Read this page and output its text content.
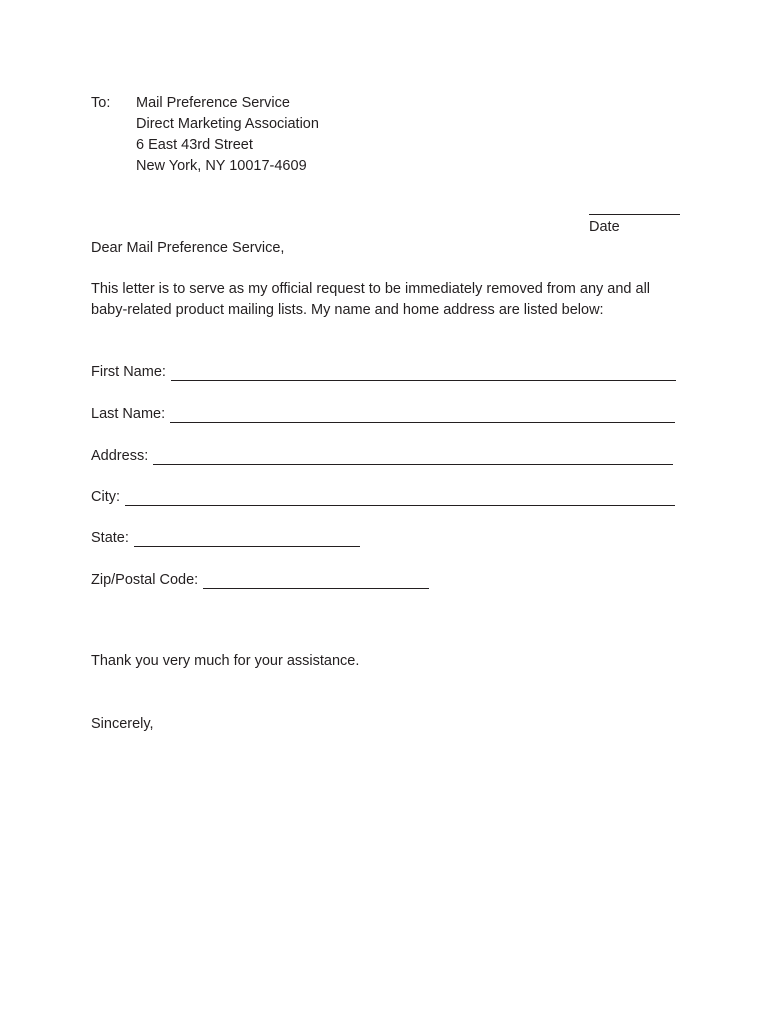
To: Mail Preference Service
Direct Marketing Association
6 East 43rd Street
New York, NY 10017-4609
Date
Dear Mail Preference Service,
This letter is to serve as my official request to be immediately removed from any and all
baby-related product mailing lists. My name and home address are listed below:
First Name:
Last Name:
Address:
City:
State:
Zip/Postal Code:
Thank you very much for your assistance.
Sincerely,
